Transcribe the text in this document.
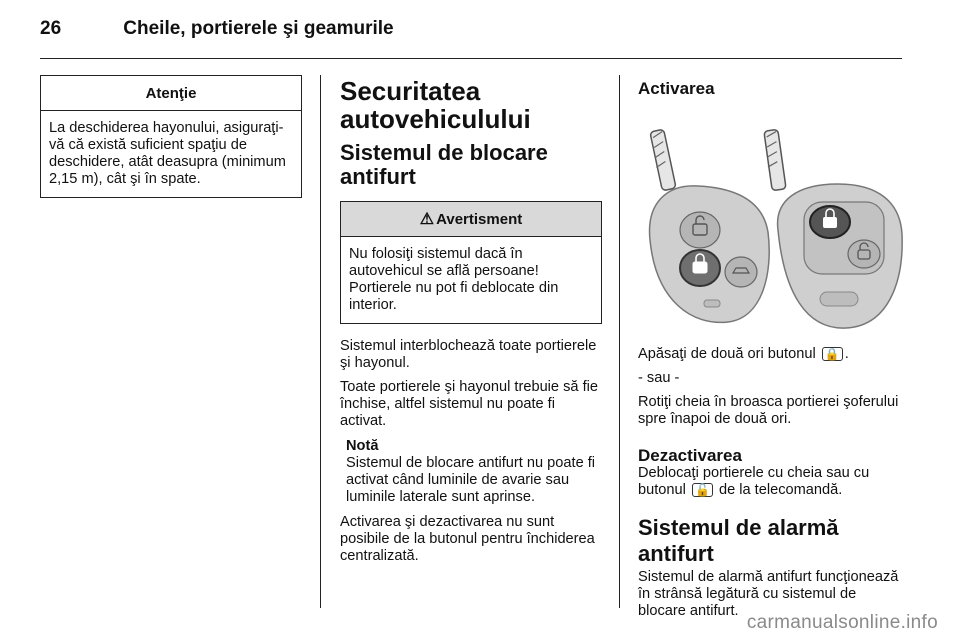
26	Cheile, portierele şi geamurile
Atenţie
La deschiderea hayonului, asiguraţi-vă că există suficient spaţiu de deschidere, atât deasupra (minimum 2,15 m), cât şi în spate.
Securitatea autovehiculului
Sistemul de blocare antifurt
⚠ Avertisment
Nu folosiţi sistemul dacă în autovehicul se află persoane! Portierele nu pot fi deblocate din interior.

Sistemul interblochează toate portierele şi hayonul.

Toate portierele şi hayonul trebuie să fie închise, altfel sistemul nu poate fi activat.

Notă
Sistemul de blocare antifurt nu poate fi activat când luminile de avarie sau luminile laterale sunt aprinse.

Activarea şi dezactivarea nu sunt posibile de la butonul pentru închiderea centralizată.

Activarea

Apăsaţi de două ori butonul 🔒 .

- sau -

Rotiţi cheia în broasca portierei şoferului spre înapoi de două ori.

Dezactivarea

Deblocaţi portierele cu cheia sau cu butonul 🔓 de la telecomandă.

Sistemul de alarmă antifurt

Sistemul de alarmă antifurt funcţionează în strânsă legătură cu sistemul de blocare antifurt.

carmanualsonline.info
